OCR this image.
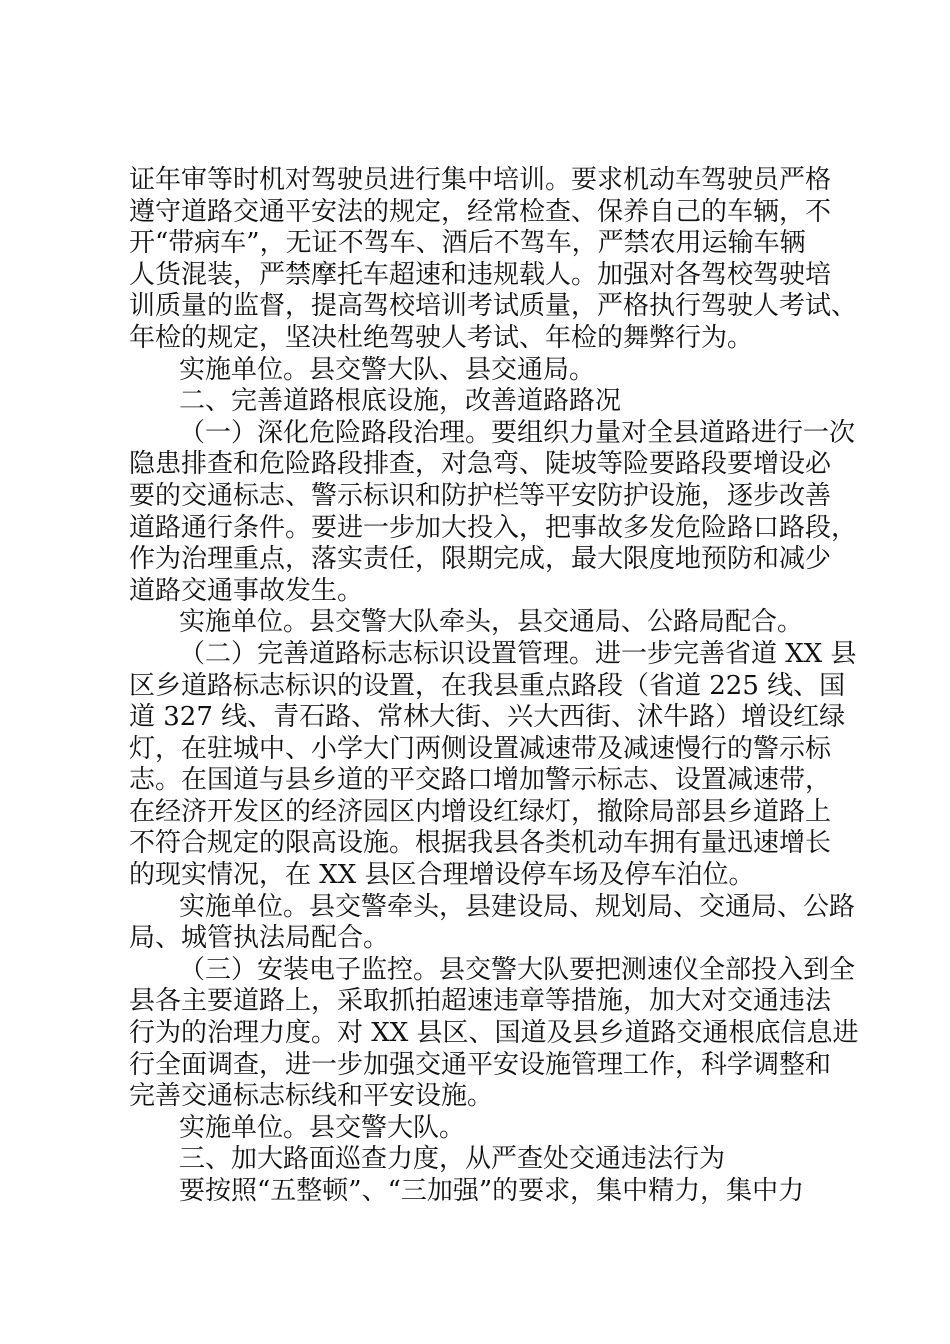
证年审等时机对驾驶员进行集中培训。要求机动车驾驶员严格
遵守道路交通平安法的规定，经常检查、保养自己的车辆，不
开“带病车”，无证不驾车、酒后不驾车，严禁农用运输车辆
人货混装，严禁摩托车超速和违规载人。加强对各驾校驾驶培
训质量的监督，提高驾校培训考试质量，严格执行驾驶人考试、
年检的规定，坚决杜绝驾驶人考试、年检的舞弊行为。
实施单位。县交警大队、县交通局。
二、完善道路根底设施，改善道路路况
（一）深化危险路段治理。要组织力量对全县道路进行一次
隐患排查和危险路段排查，对急弯、陡坡等险要路段要增设必
要的交通标志、警示标识和防护栏等平安防护设施，逐步改善
道路通行条件。要进一步加大投入，把事故多发危险路口路段，
作为治理重点，落实责任，限期完成，最大限度地预防和减少
道路交通事故发生。
实施单位。县交警大队牵头，县交通局、公路局配合。
（二）完善道路标志标识设置管理。进一步完善省道 XX 县
区乡道路标志标识的设置，在我县重点路段（省道 225 线、国
道 327 线、青石路、常林大街、兴大西街、沭牛路）增设红绿
灯，在驻城中、小学大门两侧设置减速带及减速慢行的警示标
志。在国道与县乡道的平交路口增加警示标志、设置减速带，
在经济开发区的经济园区内增设红绿灯，撤除局部县乡道路上
不符合规定的限高设施。根据我县各类机动车拥有量迅速增长
的现实情况，在 XX 县区合理增设停车场及停车泊位。
实施单位。县交警牵头，县建设局、规划局、交通局、公路
局、城管执法局配合。
（三）安装电子监控。县交警大队要把测速仪全部投入到全
县各主要道路上，采取抓拍超速违章等措施，加大对交通违法
行为的治理力度。对 XX 县区、国道及县乡道路交通根底信息进
行全面调查，进一步加强交通平安设施管理工作，科学调整和
完善交通标志标线和平安设施。
实施单位。县交警大队。
三、加大路面巡查力度，从严查处交通违法行为
要按照“五整顿”、“三加强”的要求，集中精力，集中力
